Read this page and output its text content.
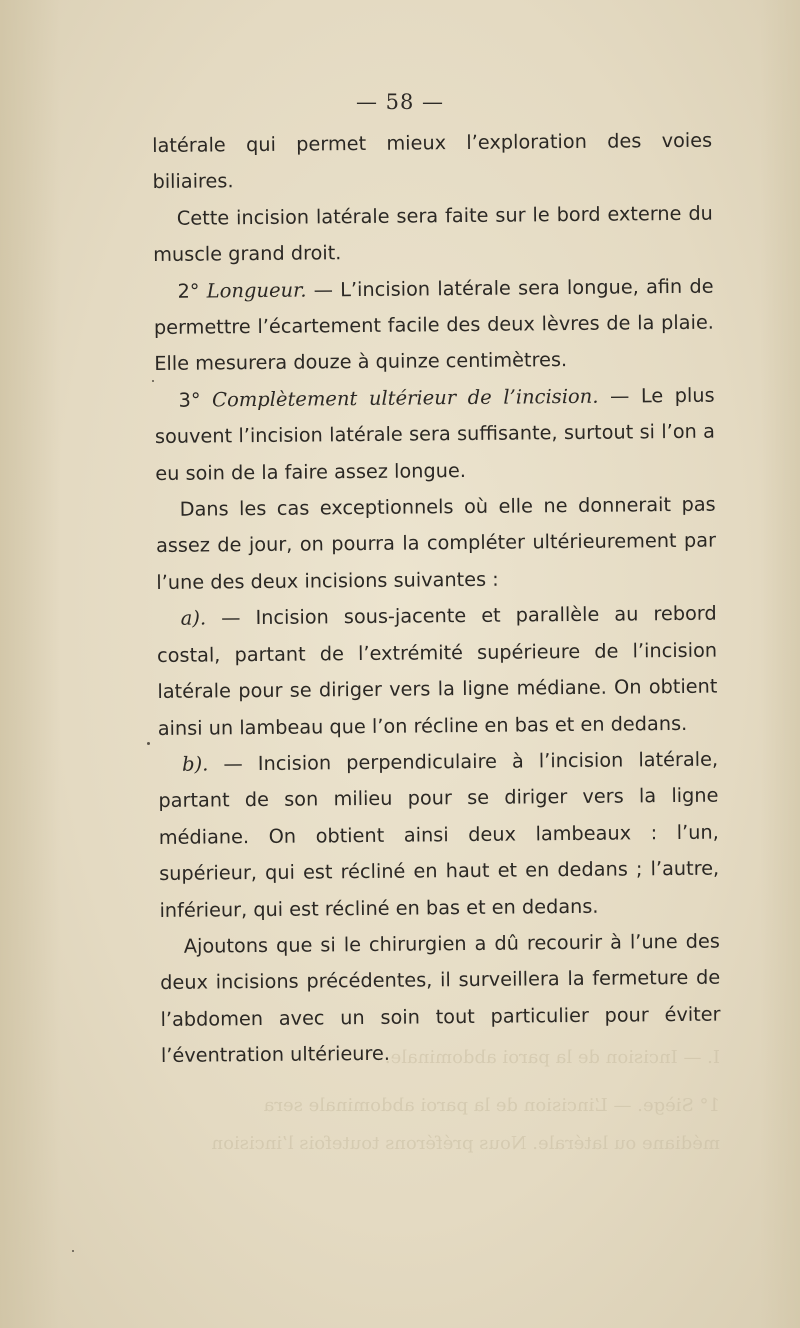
I. — Incision de la paroi abdominale.
1° Siège. — L’incision de la paroi abdominale sera
médiane ou latérale. Nous préférons toutefois l’incision
— 58 —

latérale qui permet mieux l’exploration des voies biliaires.

Cette incision latérale sera faite sur le bord externe du muscle grand droit.

2° Longueur. — L’incision latérale sera longue, afin de permettre l’écartement facile des deux lèvres de la plaie. Elle mesurera douze à quinze centimètres.

3° Complètement ultérieur de l’incision. — Le plus souvent l’incision latérale sera suffisante, surtout si l’on a eu soin de la faire assez longue.

Dans les cas exceptionnels où elle ne donnerait pas assez de jour, on pourra la compléter ultérieurement par l’une des deux incisions suivantes :

a). — Incision sous-jacente et parallèle au rebord costal, partant de l’extrémité supérieure de l’incision latérale pour se diriger vers la ligne médiane. On obtient ainsi un lambeau que l’on récline en bas et en dedans.

b). — Incision perpendiculaire à l’incision latérale, partant de son milieu pour se diriger vers la ligne médiane. On obtient ainsi deux lambeaux : l’un, supérieur, qui est récliné en haut et en dedans ; l’autre, inférieur, qui est récliné en bas et en dedans.

Ajoutons que si le chirurgien a dû recourir à l’une des deux incisions précédentes, il surveillera la fermeture de l’abdomen avec un soin tout particulier pour éviter l’éventration ultérieure.
